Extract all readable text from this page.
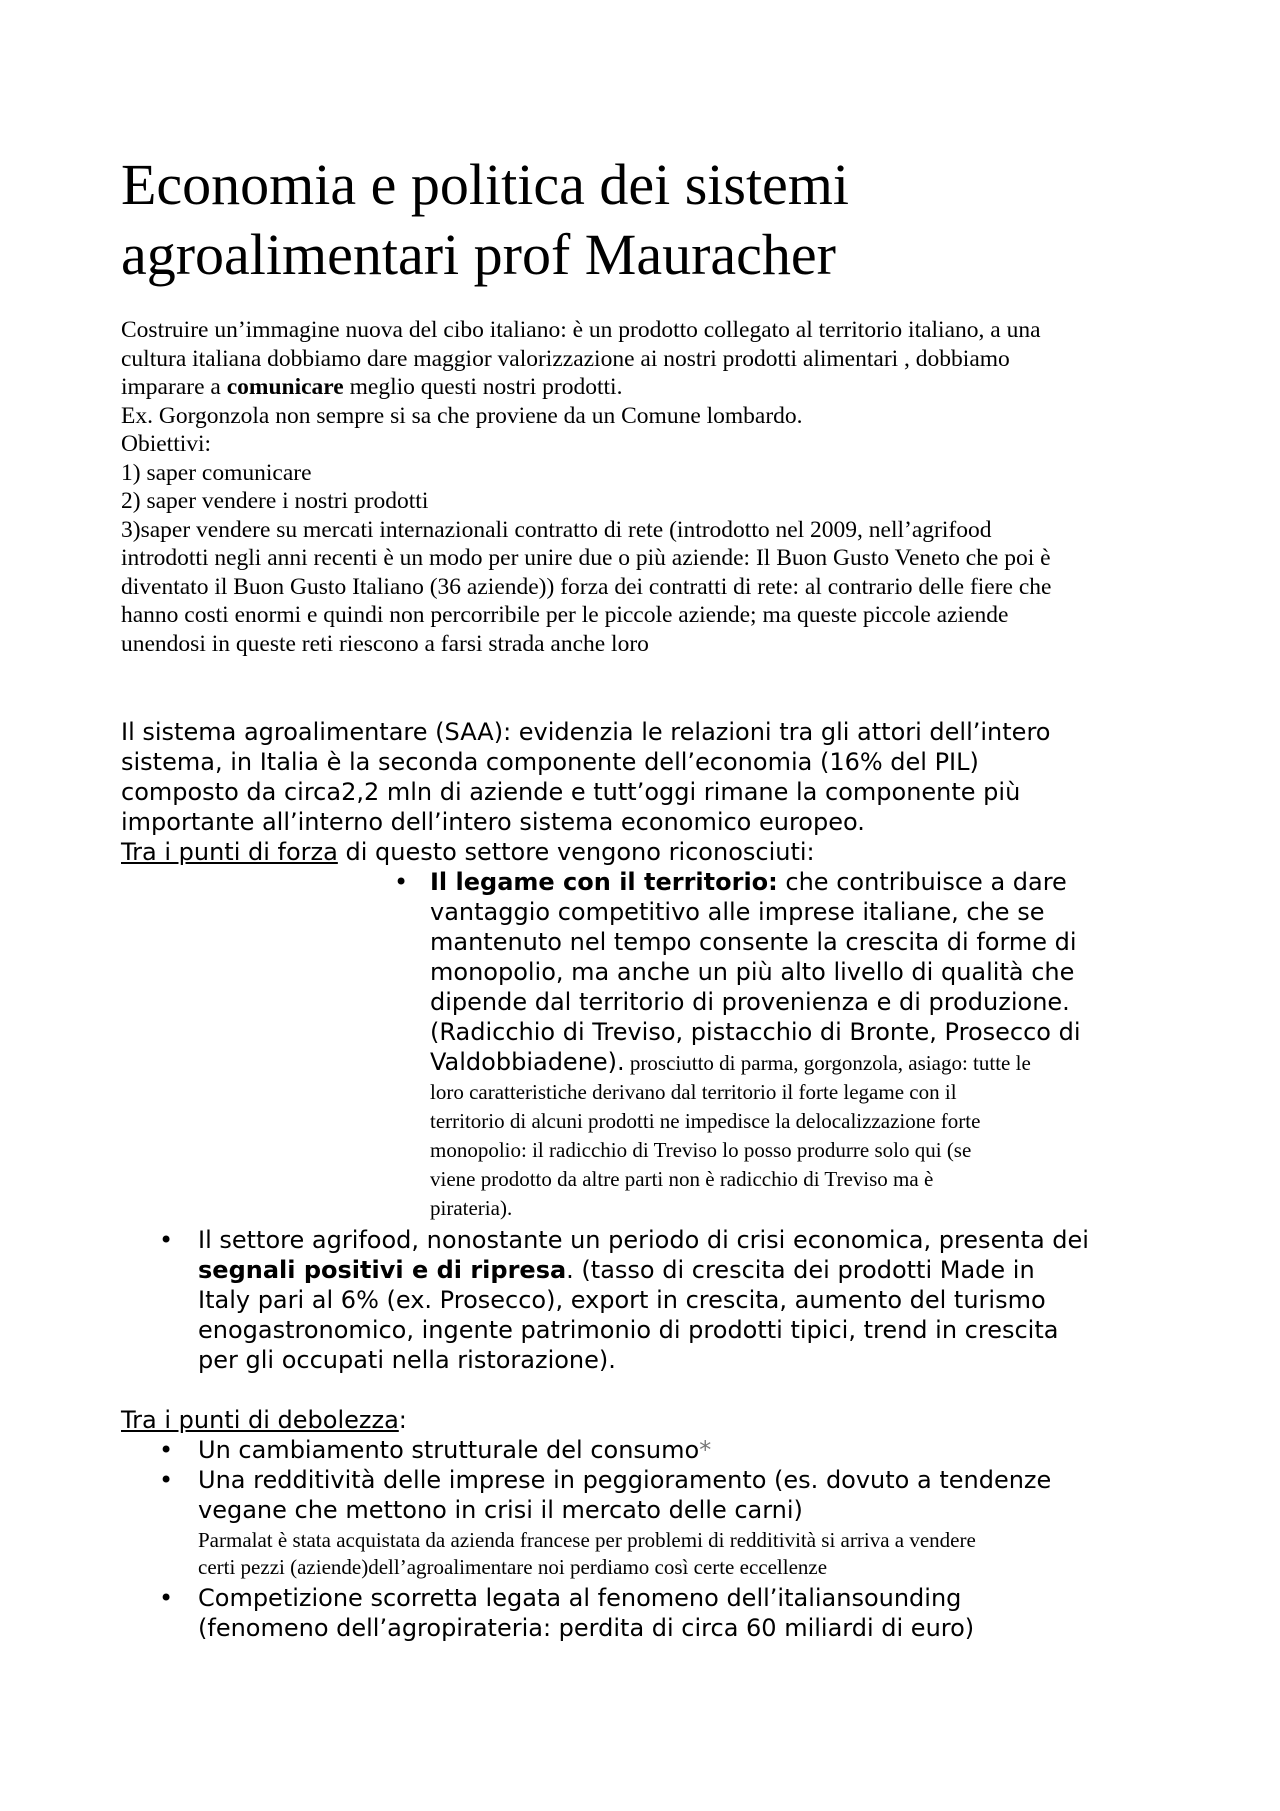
Economia e politica dei sistemi
agroalimentari prof Mauracher
Costruire un’immagine nuova del cibo italiano: è un prodotto collegato al territorio italiano, a una
cultura italiana dobbiamo dare maggior valorizzazione ai nostri prodotti alimentari , dobbiamo
imparare a comunicare meglio questi nostri prodotti.
Ex. Gorgonzola non sempre si sa che proviene da un Comune lombardo.
Obiettivi:
1) saper comunicare
2) saper vendere i nostri prodotti
3)saper vendere su mercati internazionali contratto di rete (introdotto nel 2009, nell’agrifood
introdotti negli anni recenti è un modo per unire due o più aziende: Il Buon Gusto Veneto che poi è
diventato il Buon Gusto Italiano (36 aziende)) forza dei contratti di rete: al contrario delle fiere che
hanno costi enormi e quindi non percorribile per le piccole aziende; ma queste piccole aziende
unendosi in queste reti riescono a farsi strada anche loro
Il sistema agroalimentare (SAA): evidenzia le relazioni tra gli attori dell’intero
sistema, in Italia è la seconda componente dell’economia (16% del PIL)
composto da circa2,2 mln di aziende e tutt’oggi rimane la componente più
importante all’interno dell’intero sistema economico europeo.
Tra i punti di forza di questo settore vengono riconosciuti:
• Il legame con il territorio: che contribuisce a dare
vantaggio competitivo alle imprese italiane, che se
mantenuto nel tempo consente la crescita di forme di
monopolio, ma anche un più alto livello di qualità che
dipende dal territorio di provenienza e di produzione.
(Radicchio di Treviso, pistacchio di Bronte, Prosecco di
Valdobbiadene). prosciutto di parma, gorgonzola, asiago: tutte le
loro caratteristiche derivano dal territorio il forte legame con il
territorio di alcuni prodotti ne impedisce la delocalizzazione forte
monopolio: il radicchio di Treviso lo posso produrre solo qui (se
viene prodotto da altre parti non è radicchio di Treviso ma è
pirateria).
• Il settore agrifood, nonostante un periodo di crisi economica, presenta dei
segnali positivi e di ripresa. (tasso di crescita dei prodotti Made in
Italy pari al 6% (ex. Prosecco), export in crescita, aumento del turismo
enogastronomico, ingente patrimonio di prodotti tipici, trend in crescita
per gli occupati nella ristorazione).
Tra i punti di debolezza:
• Un cambiamento strutturale del consumo*
• Una redditività delle imprese in peggioramento (es. dovuto a tendenze
vegane che mettono in crisi il mercato delle carni)
Parmalat è stata acquistata da azienda francese per problemi di redditività si arriva a vendere
certi pezzi (aziende)dell’agroalimentare noi perdiamo così certe eccellenze
• Competizione scorretta legata al fenomeno dell’italiansounding
(fenomeno dell’agropirateria: perdita di circa 60 miliardi di euro)
